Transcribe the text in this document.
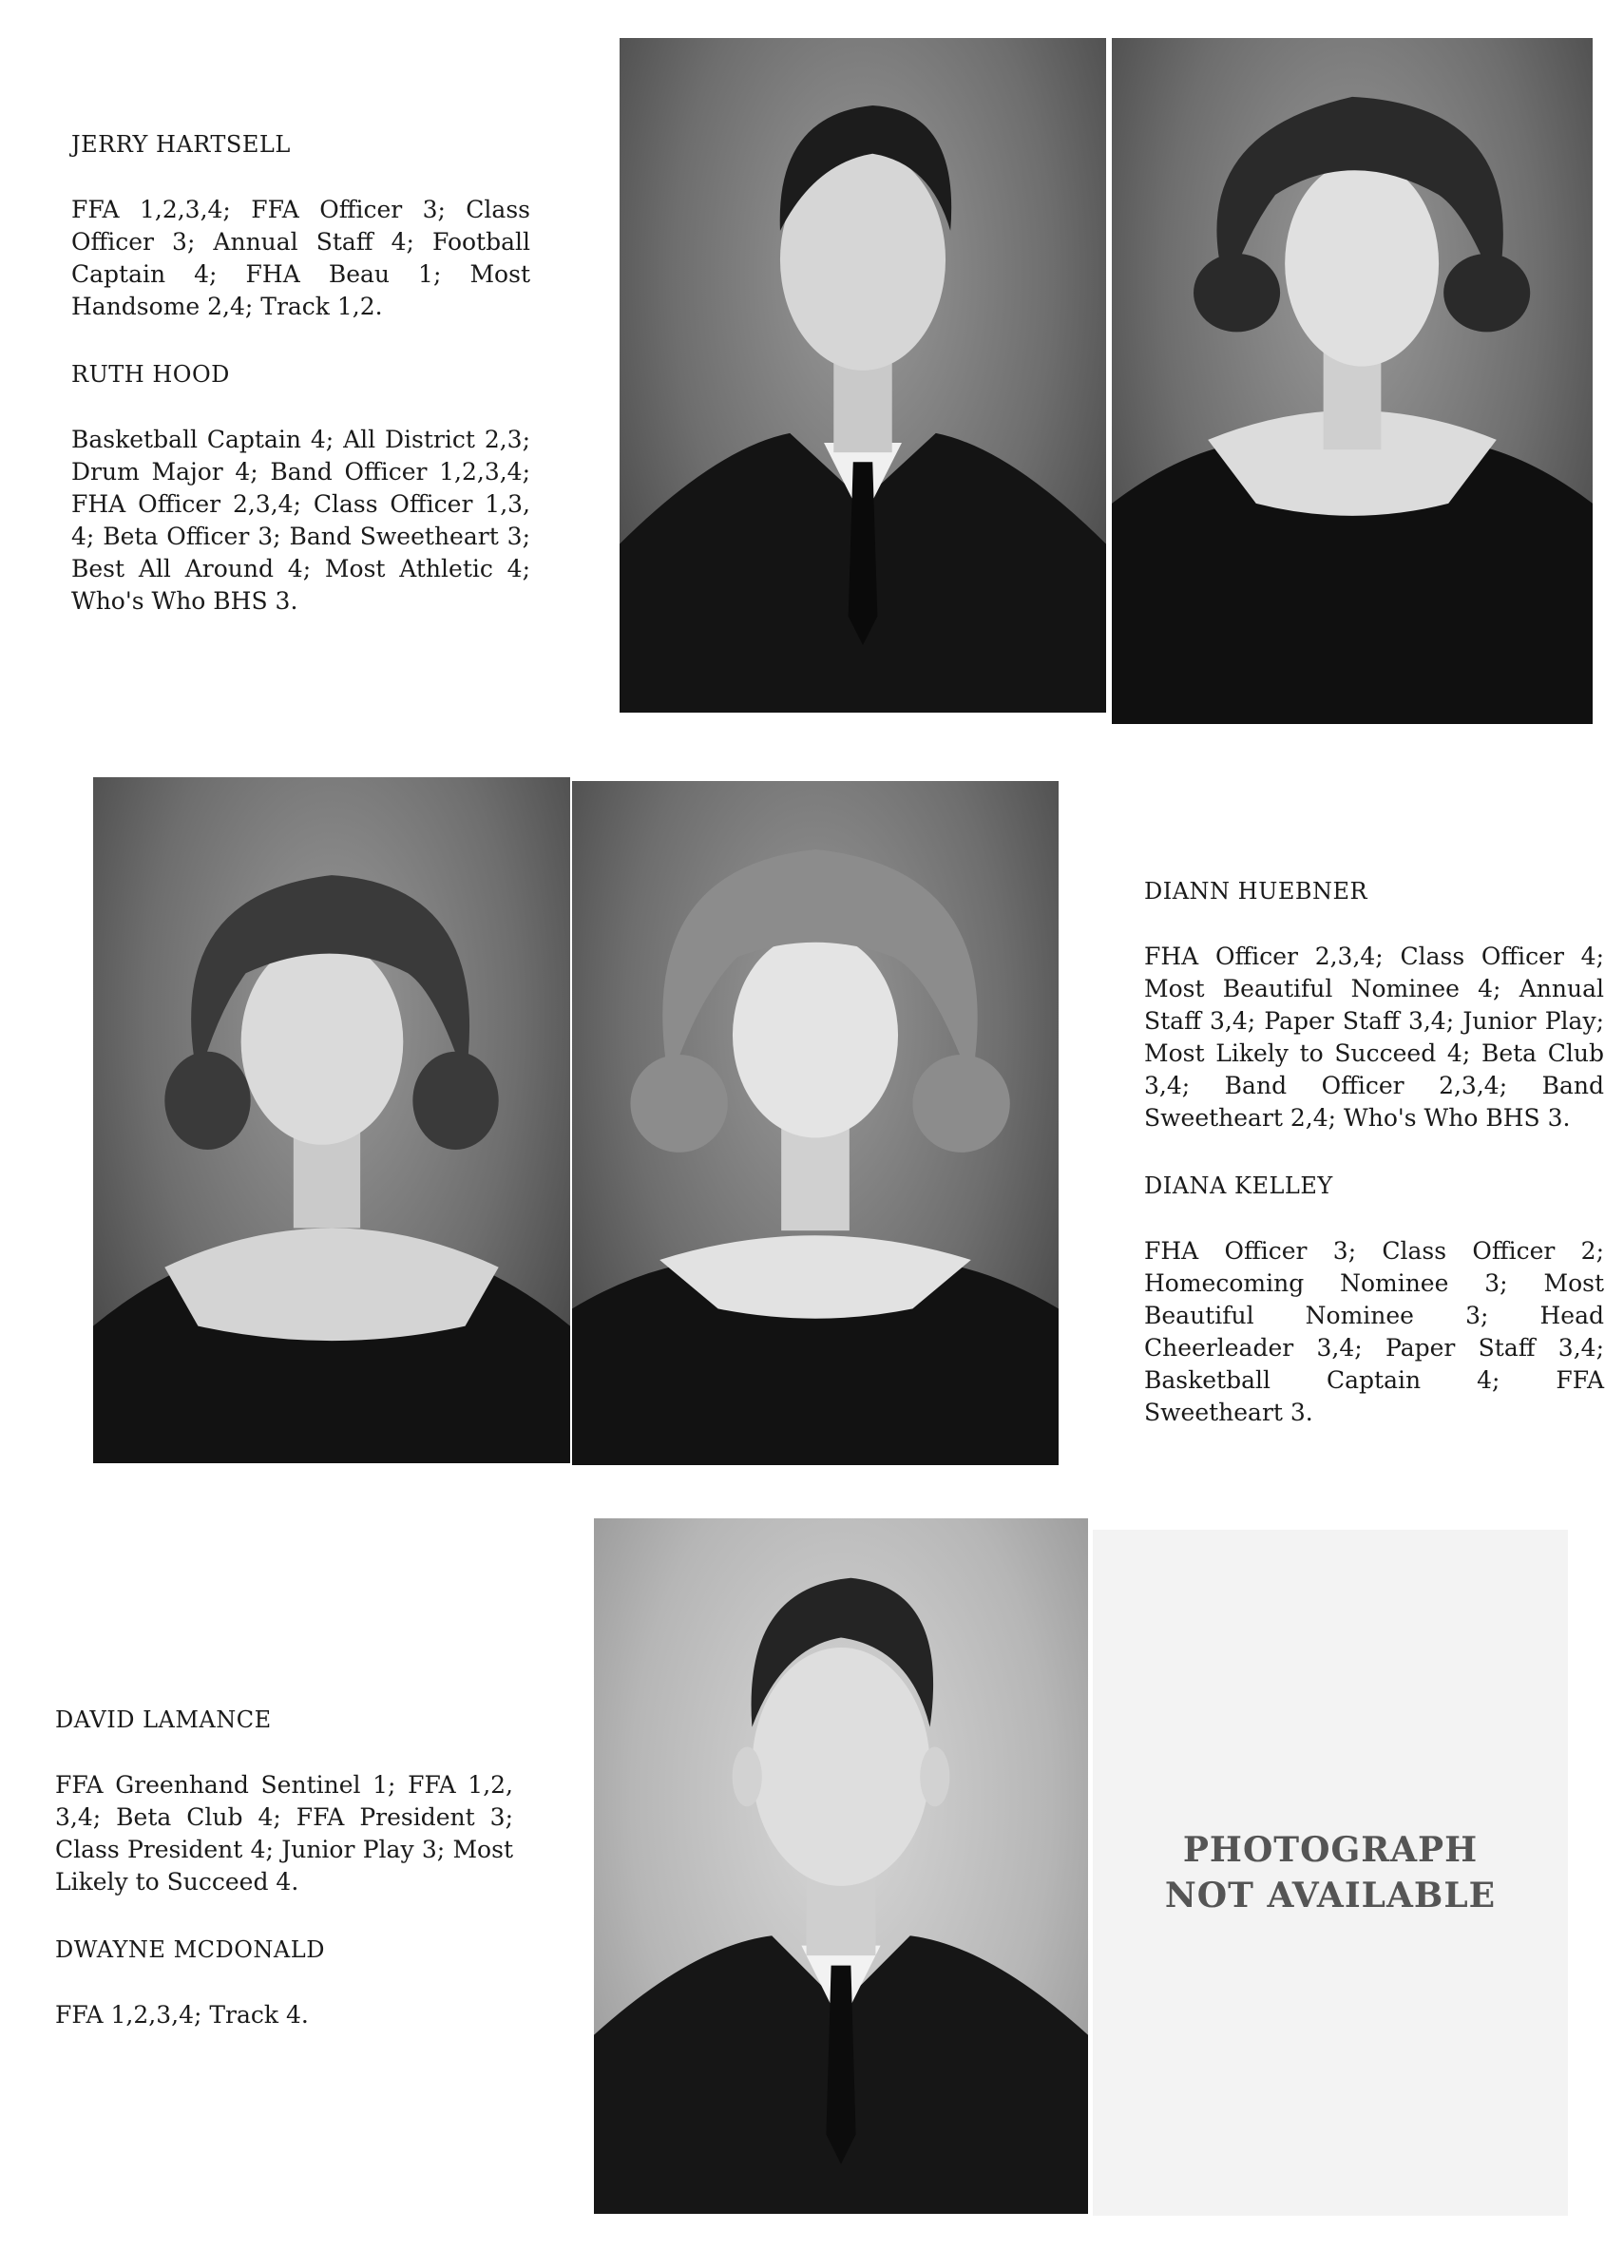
JERRY HARTSELL

FFA 1,2,3,4; FFA Officer 3; Class Officer 3; Annual Staff 4; Football Captain 4; FHA Beau 1; Most Handsome 2,4; Track 1,2.

RUTH HOOD

Basketball Captain 4; All District 2,3; Drum Major 4; Band Officer 1,2,3,4; FHA Officer 2,3,4; Class Officer 1,3, 4; Beta Officer 3; Band Sweetheart 3; Best All Around 4; Most Athletic 4; Who's Who BHS 3.

DIANN HUEBNER

FHA Officer 2,3,4; Class Officer 4; Most Beautiful Nominee 4; Annual Staff 3,4; Paper Staff 3,4; Junior Play; Most Likely to Succeed 4; Beta Club 3,4; Band Officer 2,3,4; Band Sweetheart 2,4; Who's Who BHS 3.

DIANA KELLEY

FHA Officer 3; Class Officer 2; Homecoming Nominee 3; Most Beautiful Nominee 3; Head Cheerleader 3,4; Paper Staff 3,4; Basketball Captain 4; FFA Sweetheart 3.

DAVID LAMANCE

FFA Greenhand Sentinel 1; FFA 1,2, 3,4; Beta Club 4; FFA President 3; Class President 4; Junior Play 3; Most Likely to Succeed 4.

DWAYNE MCDONALD

FFA 1,2,3,4; Track 4.

PHOTOGRAPH
NOT AVAILABLE
